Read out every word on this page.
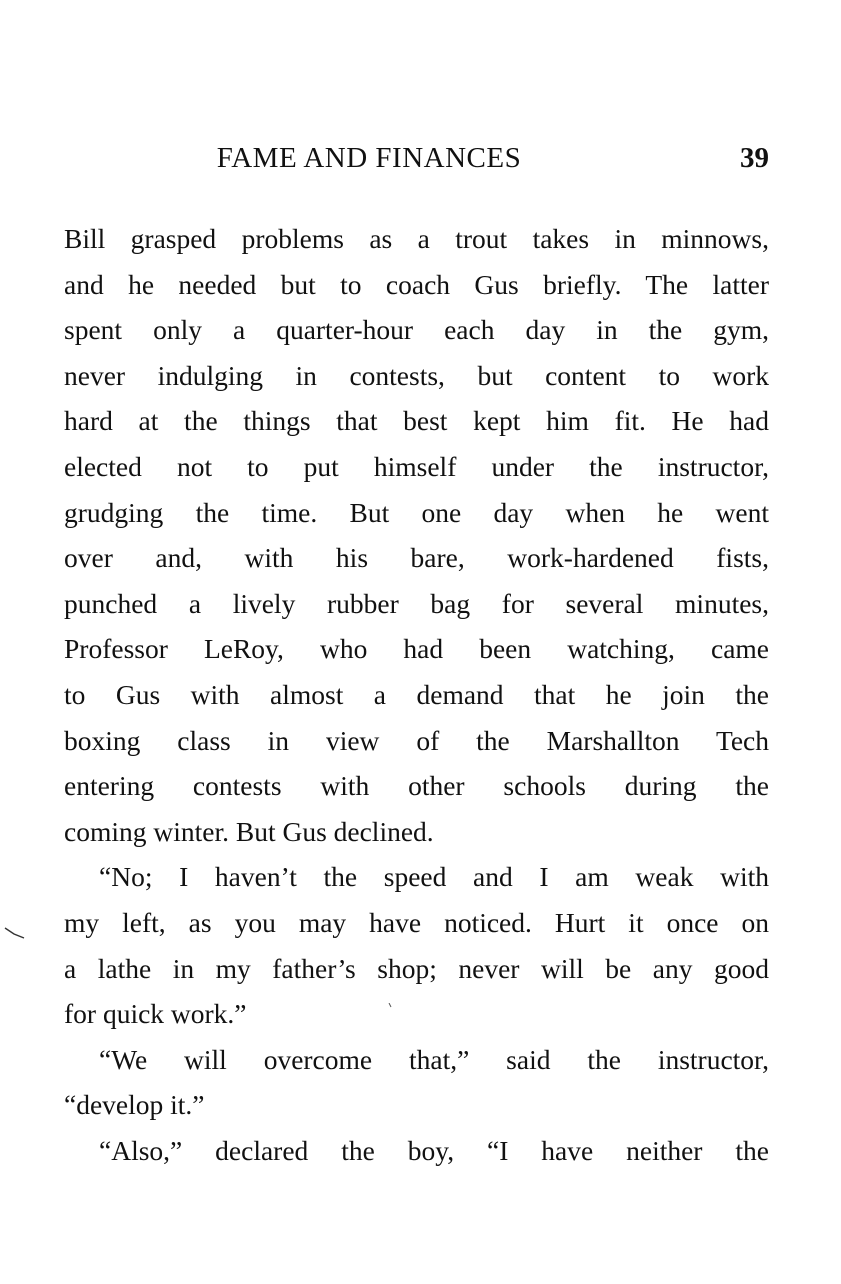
FAME AND FINANCES	39
Bill grasped problems as a trout takes in minnows,
and he needed but to coach Gus briefly. The latter
spent only a quarter-hour each day in the gym,
never indulging in contests, but content to work
hard at the things that best kept him fit. He had
elected not to put himself under the instructor,
grudging the time. But one day when he went
over and, with his bare, work-hardened fists,
punched a lively rubber bag for several minutes,
Professor LeRoy, who had been watching, came
to Gus with almost a demand that he join the
boxing class in view of the Marshallton Tech
entering contests with other schools during the
coming winter. But Gus declined.
“No; I haven’t the speed and I am weak with
my left, as you may have noticed. Hurt it once on
a lathe in my father’s shop; never will be any good
for quick work.”
“We will overcome that,” said the instructor,
“develop it.”
“Also,” declared the boy, “I have neither the
